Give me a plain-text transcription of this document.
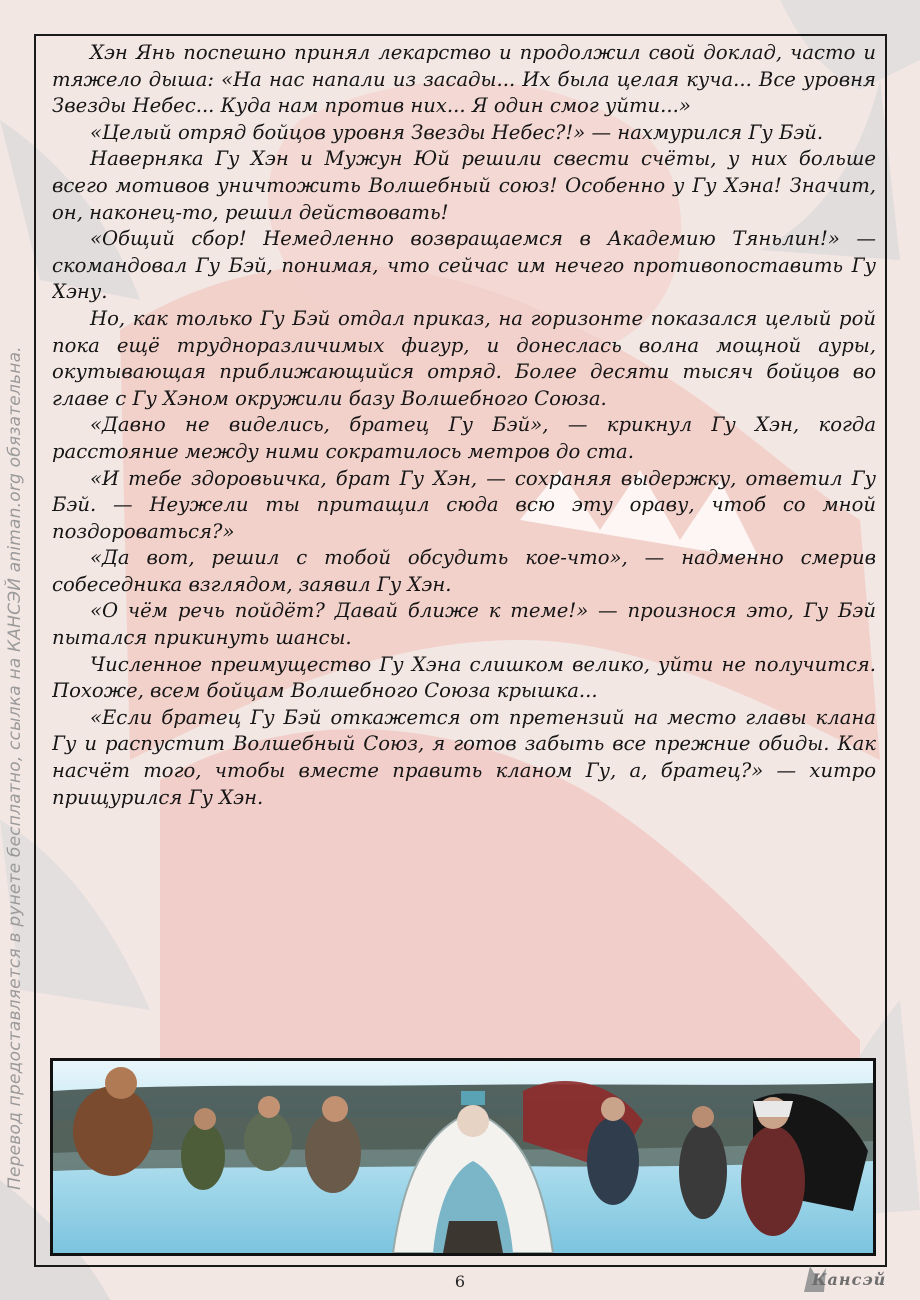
Перевод предоставляется в рунете бесплатно, ссылка на КАНСЭЙ animan.org обязательна.

Хэн Янь поспешно принял лекарство и продолжил свой доклад, часто и тяжело дыша: «На нас напали из засады... Их была целая куча... Все уровня Звезды Небес... Куда нам против них... Я один смог уйти...»

«Целый отряд бойцов уровня Звезды Небес?!» — нахмурился Гу Бэй.

Наверняка Гу Хэн и Мужун Юй решили свести счёты, у них больше всего мотивов уничтожить Волшебный союз! Особенно у Гу Хэна! Значит, он, наконец-то, решил действовать!

«Общий сбор! Немедленно возвращаемся в Академию Тяньлин!» — скомандовал Гу Бэй, понимая, что сейчас им нечего противопоставить Гу Хэну.

Но, как только Гу Бэй отдал приказ, на горизонте показался целый рой пока ещё трудноразличимых фигур, и донеслась волна мощной ауры, окутывающая приближающийся отряд. Более десяти тысяч бойцов во главе с Гу Хэном окружили базу Волшебного Союза.

«Давно не виделись, братец Гу Бэй», — крикнул Гу Хэн, когда расстояние между ними сократилось метров до ста.

«И тебе здоровьичка, брат Гу Хэн, — сохраняя выдержку, ответил Гу Бэй. — Неужели ты притащил сюда всю эту ораву, чтоб со мной поздороваться?»

«Да вот, решил с тобой обсудить кое-что», — надменно смерив собеседника взглядом, заявил Гу Хэн.

«О чём речь пойдёт? Давай ближе к теме!» — произнося это, Гу Бэй пытался прикинуть шансы.

Численное преимущество Гу Хэна слишком велико, уйти не получится. Похоже, всем бойцам Волшебного Союза крышка...

«Если братец Гу Бэй откажется от претензий на место главы клана Гу и распустит Волшебный Союз, я готов забыть все прежние обиды. Как насчёт того, чтобы вместе править кланом Гу, а, братец?» — хитро прищурился Гу Хэн.

6	Кансэй
